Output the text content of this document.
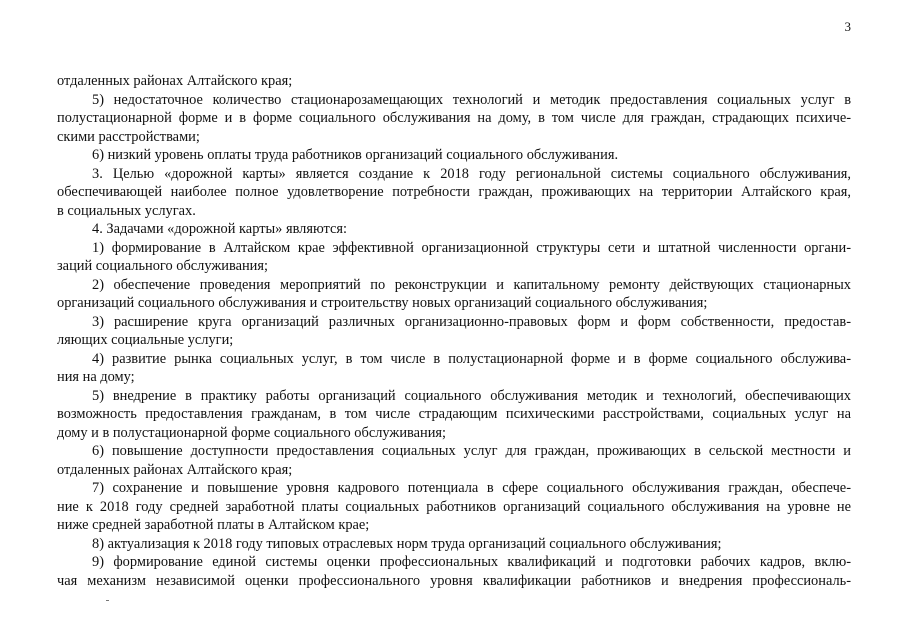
3
отдаленных районах Алтайского края;
5) недостаточное количество стационарозамещающих технологий и методик предоставления социальных услуг в
полустационарной форме и в форме социального обслуживания на дому, в том числе для граждан, страдающих психиче-
скими расстройствами;
6) низкий уровень оплаты труда работников организаций социального обслуживания.
3. Целью «дорожной карты» является создание к 2018 году региональной системы социального обслуживания,
обеспечивающей наиболее полное удовлетворение потребности граждан, проживающих на территории Алтайского края,
в социальных услугах.
4. Задачами «дорожной карты» являются:
1) формирование в Алтайском крае эффективной организационной структуры сети и штатной численности органи-
заций социального обслуживания;
2) обеспечение проведения мероприятий по реконструкции и капитальному ремонту действующих стационарных
организаций социального обслуживания и строительству новых организаций социального обслуживания;
3) расширение круга организаций различных организационно-правовых форм и форм собственности, предостав-
ляющих социальные услуги;
4) развитие рынка социальных услуг, в том числе в полустационарной форме и в форме социального обслужива-
ния на дому;
5) внедрение в практику работы организаций социального обслуживания методик и технологий, обеспечивающих
возможность предоставления гражданам, в том числе страдающим психическими расстройствами, социальных услуг на
дому и в полустационарной форме социального обслуживания;
6) повышение доступности предоставления социальных услуг для граждан, проживающих в сельской местности и
отдаленных районах Алтайского края;
7) сохранение и повышение уровня кадрового потенциала в сфере социального обслуживания граждан, обеспече-
ние к 2018 году средней заработной платы социальных работников организаций социального обслуживания на уровне не
ниже средней заработной платы в Алтайском крае;
8) актуализация к 2018 году типовых отраслевых норм труда организаций социального обслуживания;
9) формирование единой системы оценки профессиональных квалификаций и подготовки рабочих кадров, вклю-
чая механизм независимой оценки профессионального уровня квалификации работников и внедрения профессиональ-
